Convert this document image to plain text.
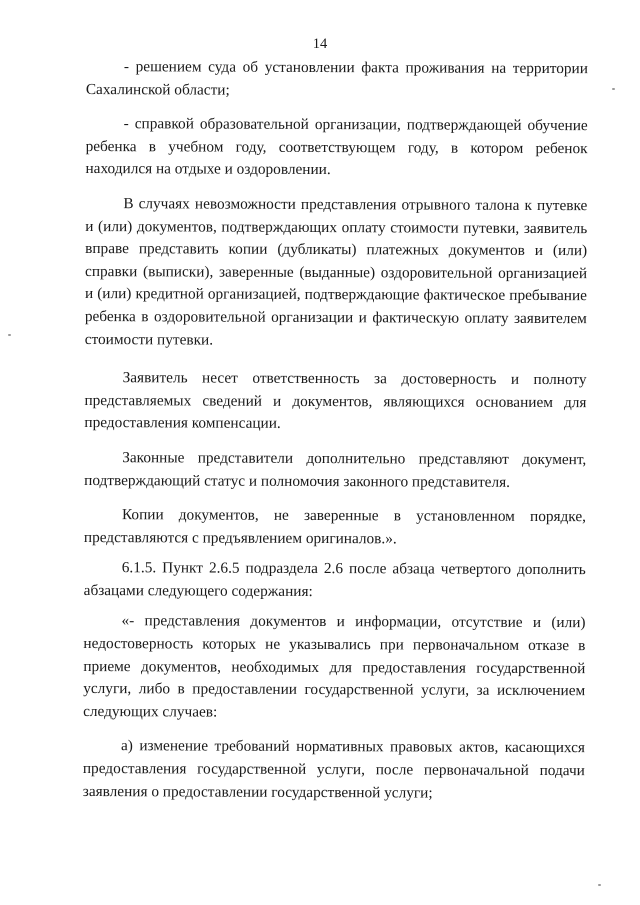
14

- решением суда об установлении факта проживания на территории Сахалинской области;

- справкой образовательной организации, подтверждающей обучение ребенка в учебном году, соответствующем году, в котором ребенок находился на отдыхе и оздоровлении.

В случаях невозможности представления отрывного талона к путевке и (или) документов, подтверждающих оплату стоимости путевки, заявитель вправе представить копии (дубликаты) платежных документов и (или) справки (выписки), заверенные (выданные) оздоровительной организацией и (или) кредитной организацией, подтверждающие фактическое пребывание ребенка в оздоровительной организации и фактическую оплату заявителем стоимости путевки.

Заявитель несет ответственность за достоверность и полноту представляемых сведений и документов, являющихся основанием для предоставления компенсации.

Законные представители дополнительно представляют документ, подтверждающий статус и полномочия законного представителя.

Копии документов, не заверенные в установленном порядке, представляются с предъявлением оригиналов.».

6.1.5. Пункт 2.6.5 подраздела 2.6 после абзаца четвертого дополнить абзацами следующего содержания:

«- представления документов и информации, отсутствие и (или) недостоверность которых не указывались при первоначальном отказе в приеме документов, необходимых для предоставления государственной услуги, либо в предоставлении государственной услуги, за исключением следующих случаев:

а) изменение требований нормативных правовых актов, касающихся предоставления государственной услуги, после первоначальной подачи заявления о предоставлении государственной услуги;
